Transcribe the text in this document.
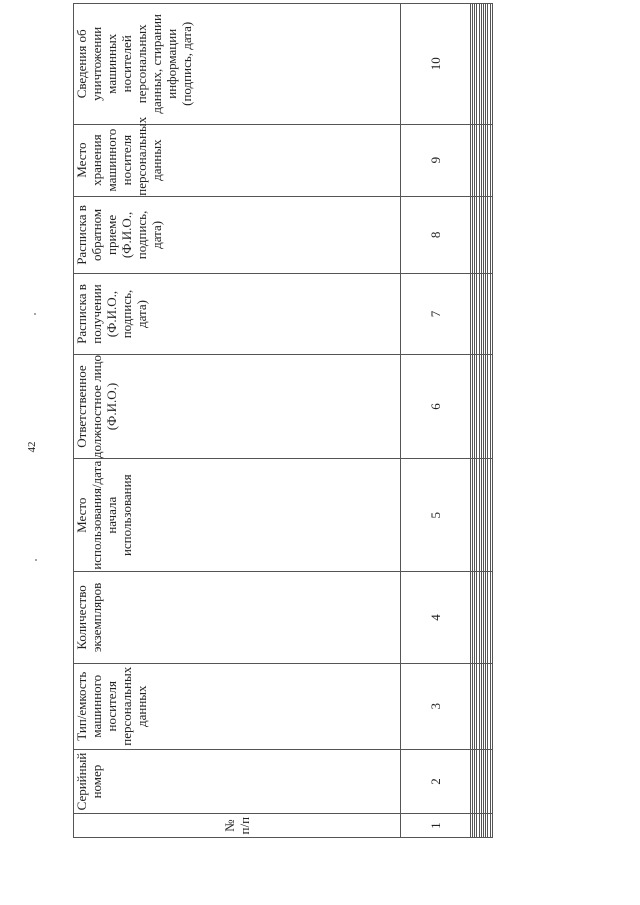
42
№ п/п	Серийный номер	Тип/емкость машинного носителя персональных данных	Количество экземпляров	Место использования/дата начала использования	Ответственное должностное лицо (Ф.И.О.)	Расписка в получении (Ф.И.О., подпись, дата)	Расписка в обратном приеме (Ф.И.О., подпись, дата)	Место хранения машинного носителя персональных данных	Сведения об уничтожении машинных носителей персональных данных, стирании информации (подпись, дата)
1	2	3	4	5	6	7	8	9	10
